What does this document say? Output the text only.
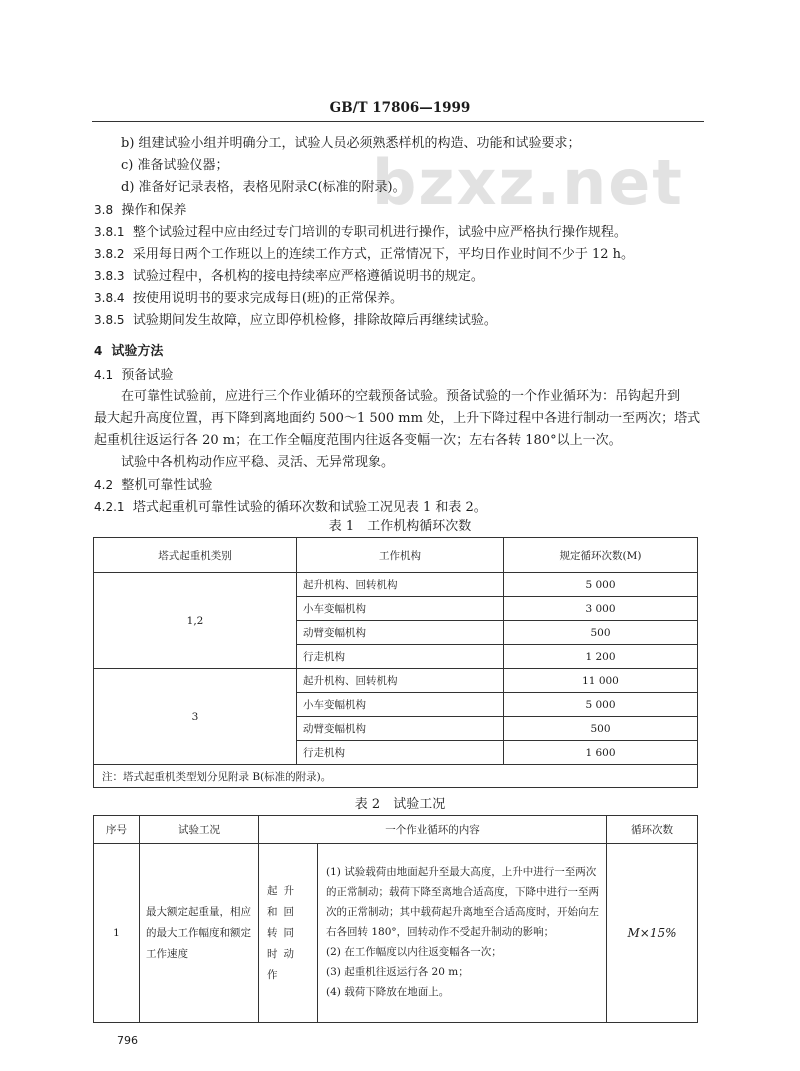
GB/T 17806—1999
bzxz.net
b) 组建试验小组并明确分工，试验人员必须熟悉样机的构造、功能和试验要求；
c) 准备试验仪器；
d) 准备好记录表格，表格见附录C(标准的附录)。
3.8 操作和保养
3.8.1 整个试验过程中应由经过专门培训的专职司机进行操作，试验中应严格执行操作规程。
3.8.2 采用每日两个工作班以上的连续工作方式，正常情况下，平均日作业时间不少于 12 h。
3.8.3 试验过程中，各机构的接电持续率应严格遵循说明书的规定。
3.8.4 按使用说明书的要求完成每日(班)的正常保养。
3.8.5 试验期间发生故障，应立即停机检修，排除故障后再继续试验。
4 试验方法
4.1 预备试验
在可靠性试验前，应进行三个作业循环的空载预备试验。预备试验的一个作业循环为：吊钩起升到
最大起升高度位置，再下降到离地面约 500～1 500 mm 处，上升下降过程中各进行制动一至两次；塔式
起重机往返运行各 20 m；在工作全幅度范围内往返各变幅一次；左右各转 180°以上一次。
试验中各机构动作应平稳、灵活、无异常现象。
4.2 整机可靠性试验
4.2.1 塔式起重机可靠性试验的循环次数和试验工况见表 1 和表 2。
表 1　工作机构循环次数
塔式起重机类别	工作机构	规定循环次数(M)
1,2	起升机构、回转机构	5 000
	小车变幅机构	3 000
	动臂变幅机构	500
	行走机构	1 200
3	起升机构、回转机构	11 000
	小车变幅机构	5 000
	动臂变幅机构	500
	行走机构	1 600
注：塔式起重机类型划分见附录 B(标准的附录)。		
表 2　试验工况
序号	试验工况	一个作业循环的内容		循环次数
1	最大额定起重量，相应的最大工作幅度和额定工作速度	起升和回转同时动作	(1) 试验载荷由地面起升至最大高度，上升中进行一至两次的正常制动；载荷下降至离地合适高度，下降中进行一至两次的正常制动；其中载荷起升离地至合适高度时，开始向左右各回转 180°，回转动作不受起升制动的影响；
(2) 在工作幅度以内往返变幅各一次；
(3) 起重机往返运行各 20 m；
(4) 载荷下降放在地面上。	M×15%
796
